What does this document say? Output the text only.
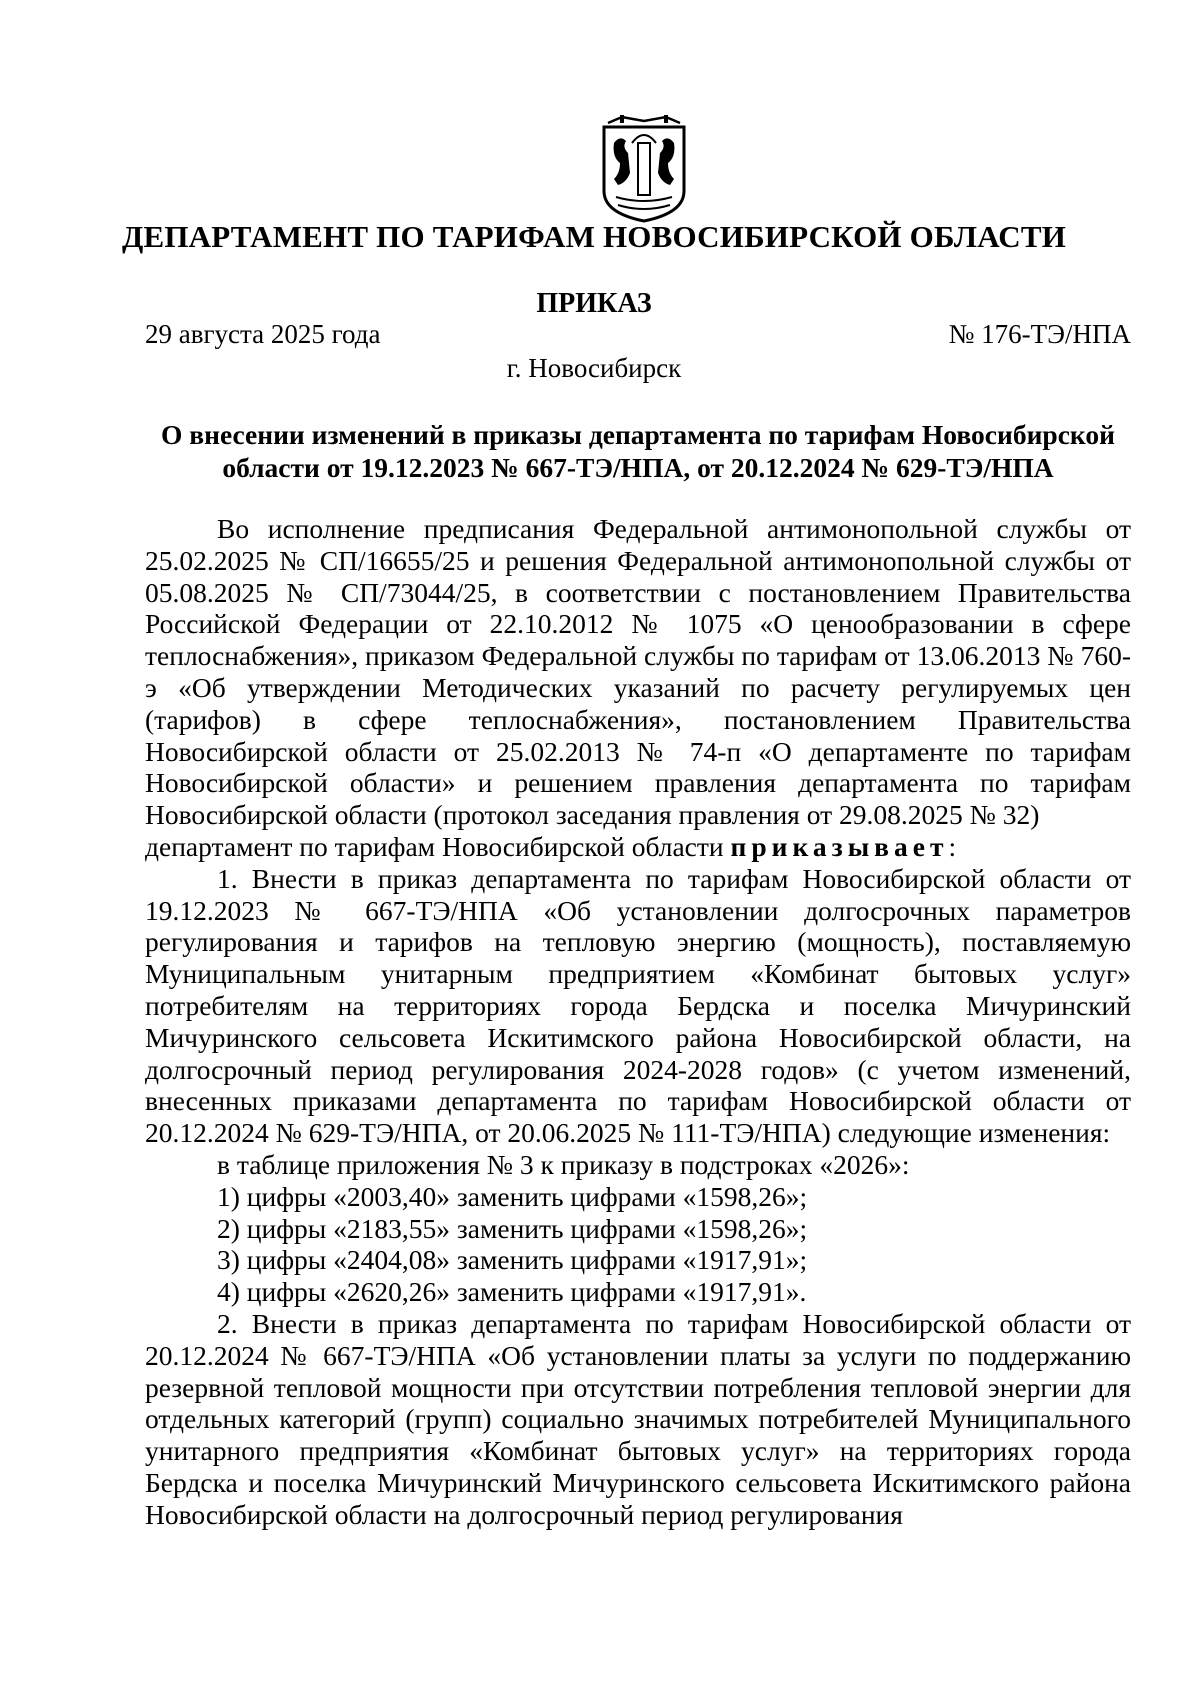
ДЕПАРТАМЕНТ ПО ТАРИФАМ НОВОСИБИРСКОЙ ОБЛАСТИ
ПРИКАЗ
29 августа 2025 года	№ 176-ТЭ/НПА
г. Новосибирск
О внесении изменений в приказы департамента по тарифам Новосибирской
области от 19.12.2023 № 667-ТЭ/НПА, от 20.12.2024 № 629-ТЭ/НПА

Во исполнение предписания Федеральной антимонопольной службы от 25.02.2025 № СП/16655/25 и решения Федеральной антимонопольной службы от 05.08.2025 № СП/73044/25, в соответствии с постановлением Правительства Российской Федерации от 22.10.2012 № 1075 «О ценообразовании в сфере теплоснабжения», приказом Федеральной службы по тарифам от 13.06.2013 № 760-э «Об утверждении Методических указаний по расчету регулируемых цен (тарифов) в сфере теплоснабжения», постановлением Правительства Новосибирской области от 25.02.2013 № 74-п «О департаменте по тарифам Новосибирской области» и решением правления департамента по тарифам Новосибирской области (протокол заседания правления от 29.08.2025 № 32)

департамент по тарифам Новосибирской области приказывает:

1. Внести в приказ департамента по тарифам Новосибирской области от 19.12.2023 № 667-ТЭ/НПА «Об установлении долгосрочных параметров регулирования и тарифов на тепловую энергию (мощность), поставляемую Муниципальным унитарным предприятием «Комбинат бытовых услуг» потребителям на территориях города Бердска и поселка Мичуринский Мичуринского сельсовета Искитимского района Новосибирской области, на долгосрочный период регулирования 2024-2028 годов» (с учетом изменений, внесенных приказами департамента по тарифам Новосибирской области от 20.12.2024 № 629-ТЭ/НПА, от 20.06.2025 № 111-ТЭ/НПА) следующие изменения:

в таблице приложения № 3 к приказу в подстроках «2026»:

1) цифры «2003,40» заменить цифрами «1598,26»;

2) цифры «2183,55» заменить цифрами «1598,26»;

3) цифры «2404,08» заменить цифрами «1917,91»;

4) цифры «2620,26» заменить цифрами «1917,91».

2. Внести в приказ департамента по тарифам Новосибирской области от 20.12.2024 № 667-ТЭ/НПА «Об установлении платы за услуги по поддержанию резервной тепловой мощности при отсутствии потребления тепловой энергии для отдельных категорий (групп) социально значимых потребителей Муниципального унитарного предприятия «Комбинат бытовых услуг» на территориях города Бердска и поселка Мичуринский Мичуринского сельсовета Искитимского района Новосибирской области на долгосрочный период регулирования
